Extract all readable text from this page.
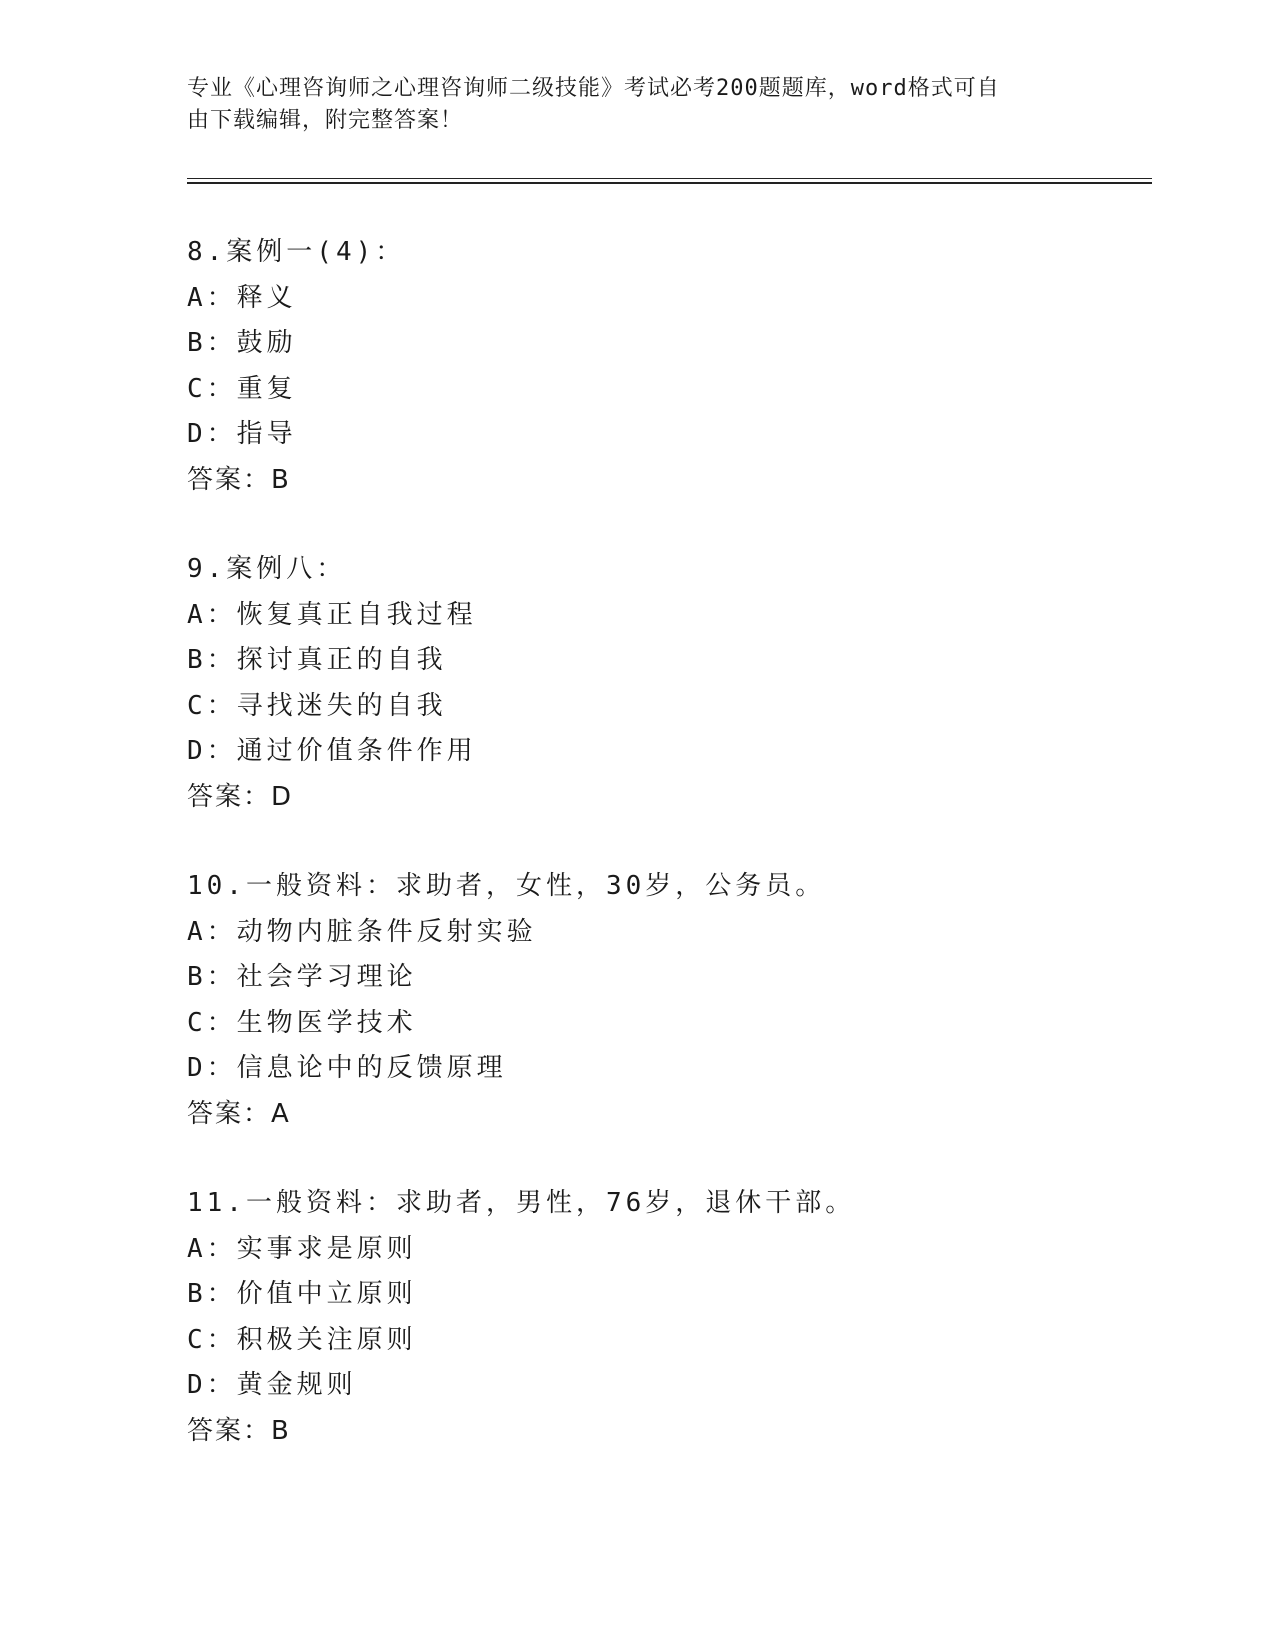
专业《心理咨询师之心理咨询师二级技能》考试必考200题题库，word格式可自
由下载编辑，附完整答案！
8.案例一(4)：
A：释义
B：鼓励
C：重复
D：指导
答案：B
9.案例八：
A：恢复真正自我过程
B：探讨真正的自我
C：寻找迷失的自我
D：通过价值条件作用
答案：D
10.一般资料：求助者，女性，30岁，公务员。
A：动物内脏条件反射实验
B：社会学习理论
C：生物医学技术
D：信息论中的反馈原理
答案：A
11.一般资料：求助者，男性，76岁，退休干部。
A：实事求是原则
B：价值中立原则
C：积极关注原则
D：黄金规则
答案：B
